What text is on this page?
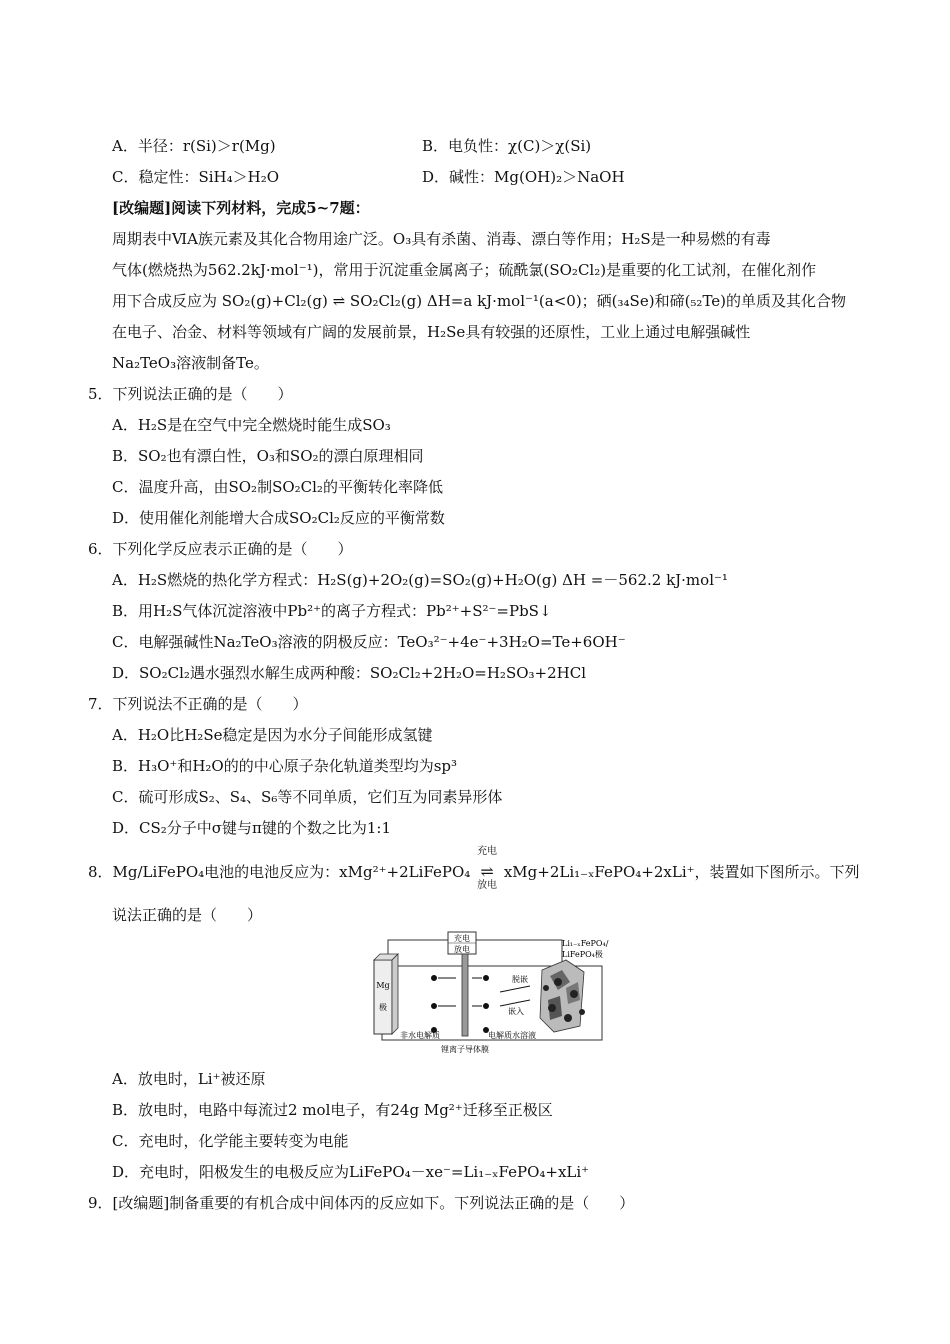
A．半径：r(Si)＞r(Mg)	B．电负性：χ(C)＞χ(Si)
C．稳定性：SiH₄＞H₂O	D．碱性：Mg(OH)₂＞NaOH
[改编题]阅读下列材料，完成5~7题：
周期表中ⅥA族元素及其化合物用途广泛。O₃具有杀菌、消毒、漂白等作用；H₂S是一种易燃的有毒
气体(燃烧热为562.2kJ·mol⁻¹)，常用于沉淀重金属离子；硫酰氯(SO₂Cl₂)是重要的化工试剂，在催化剂作
用下合成反应为 SO₂(g)+Cl₂(g) ⇌ SO₂Cl₂(g) ΔH=a kJ·mol⁻¹(a<0)；硒(₃₄Se)和碲(₅₂Te)的单质及其化合物
在电子、冶金、材料等领域有广阔的发展前景，H₂Se具有较强的还原性，工业上通过电解强碱性
Na₂TeO₃溶液制备Te。
5．下列说法正确的是（　　）
A．H₂S是在空气中完全燃烧时能生成SO₃
B．SO₂也有漂白性，O₃和SO₂的漂白原理相同
C．温度升高，由SO₂制SO₂Cl₂的平衡转化率降低
D．使用催化剂能增大合成SO₂Cl₂反应的平衡常数
6．下列化学反应表示正确的是（　　）
A．H₂S燃烧的热化学方程式：H₂S(g)+2O₂(g)=SO₂(g)+H₂O(g) ΔH =－562.2 kJ·mol⁻¹
B．用H₂S气体沉淀溶液中Pb²⁺的离子方程式：Pb²⁺+S²⁻=PbS↓
C．电解强碱性Na₂TeO₃溶液的阴极反应：TeO₃²⁻+4e⁻+3H₂O=Te+6OH⁻
D．SO₂Cl₂遇水强烈水解生成两种酸：SO₂Cl₂+2H₂O=H₂SO₃+2HCl
7．下列说法不正确的是（　　）
A．H₂O比H₂Se稳定是因为水分子间能形成氢键
B．H₃O⁺和H₂O的的中心原子杂化轨道类型均为sp³
C．硫可形成S₂、S₄、S₆等不同单质，它们互为同素异形体
D．CS₂分子中σ键与π键的个数之比为1:1
8．Mg/LiFePO₄电池的电池反应为：xMg²⁺+2LiFePO₄
充电
⇌
放电
xMg+2Li₁₋ₓFePO₄+2xLi⁺，装置如下图所示。下列
说法正确的是（　　）
充电
放电
Mg
极
脱嵌
嵌入
Li₁₋ₓFePO₄/
LiFePO₄极
非水电解质	电解质水溶液
锂离子导体膜
A．放电时，Li⁺被还原
B．放电时，电路中每流过2 mol电子，有24g Mg²⁺迁移至正极区
C．充电时，化学能主要转变为电能
D．充电时，阳极发生的电极反应为LiFePO₄－xe⁻=Li₁₋ₓFePO₄+xLi⁺
9．[改编题]制备重要的有机合成中间体丙的反应如下。下列说法正确的是（　　）
